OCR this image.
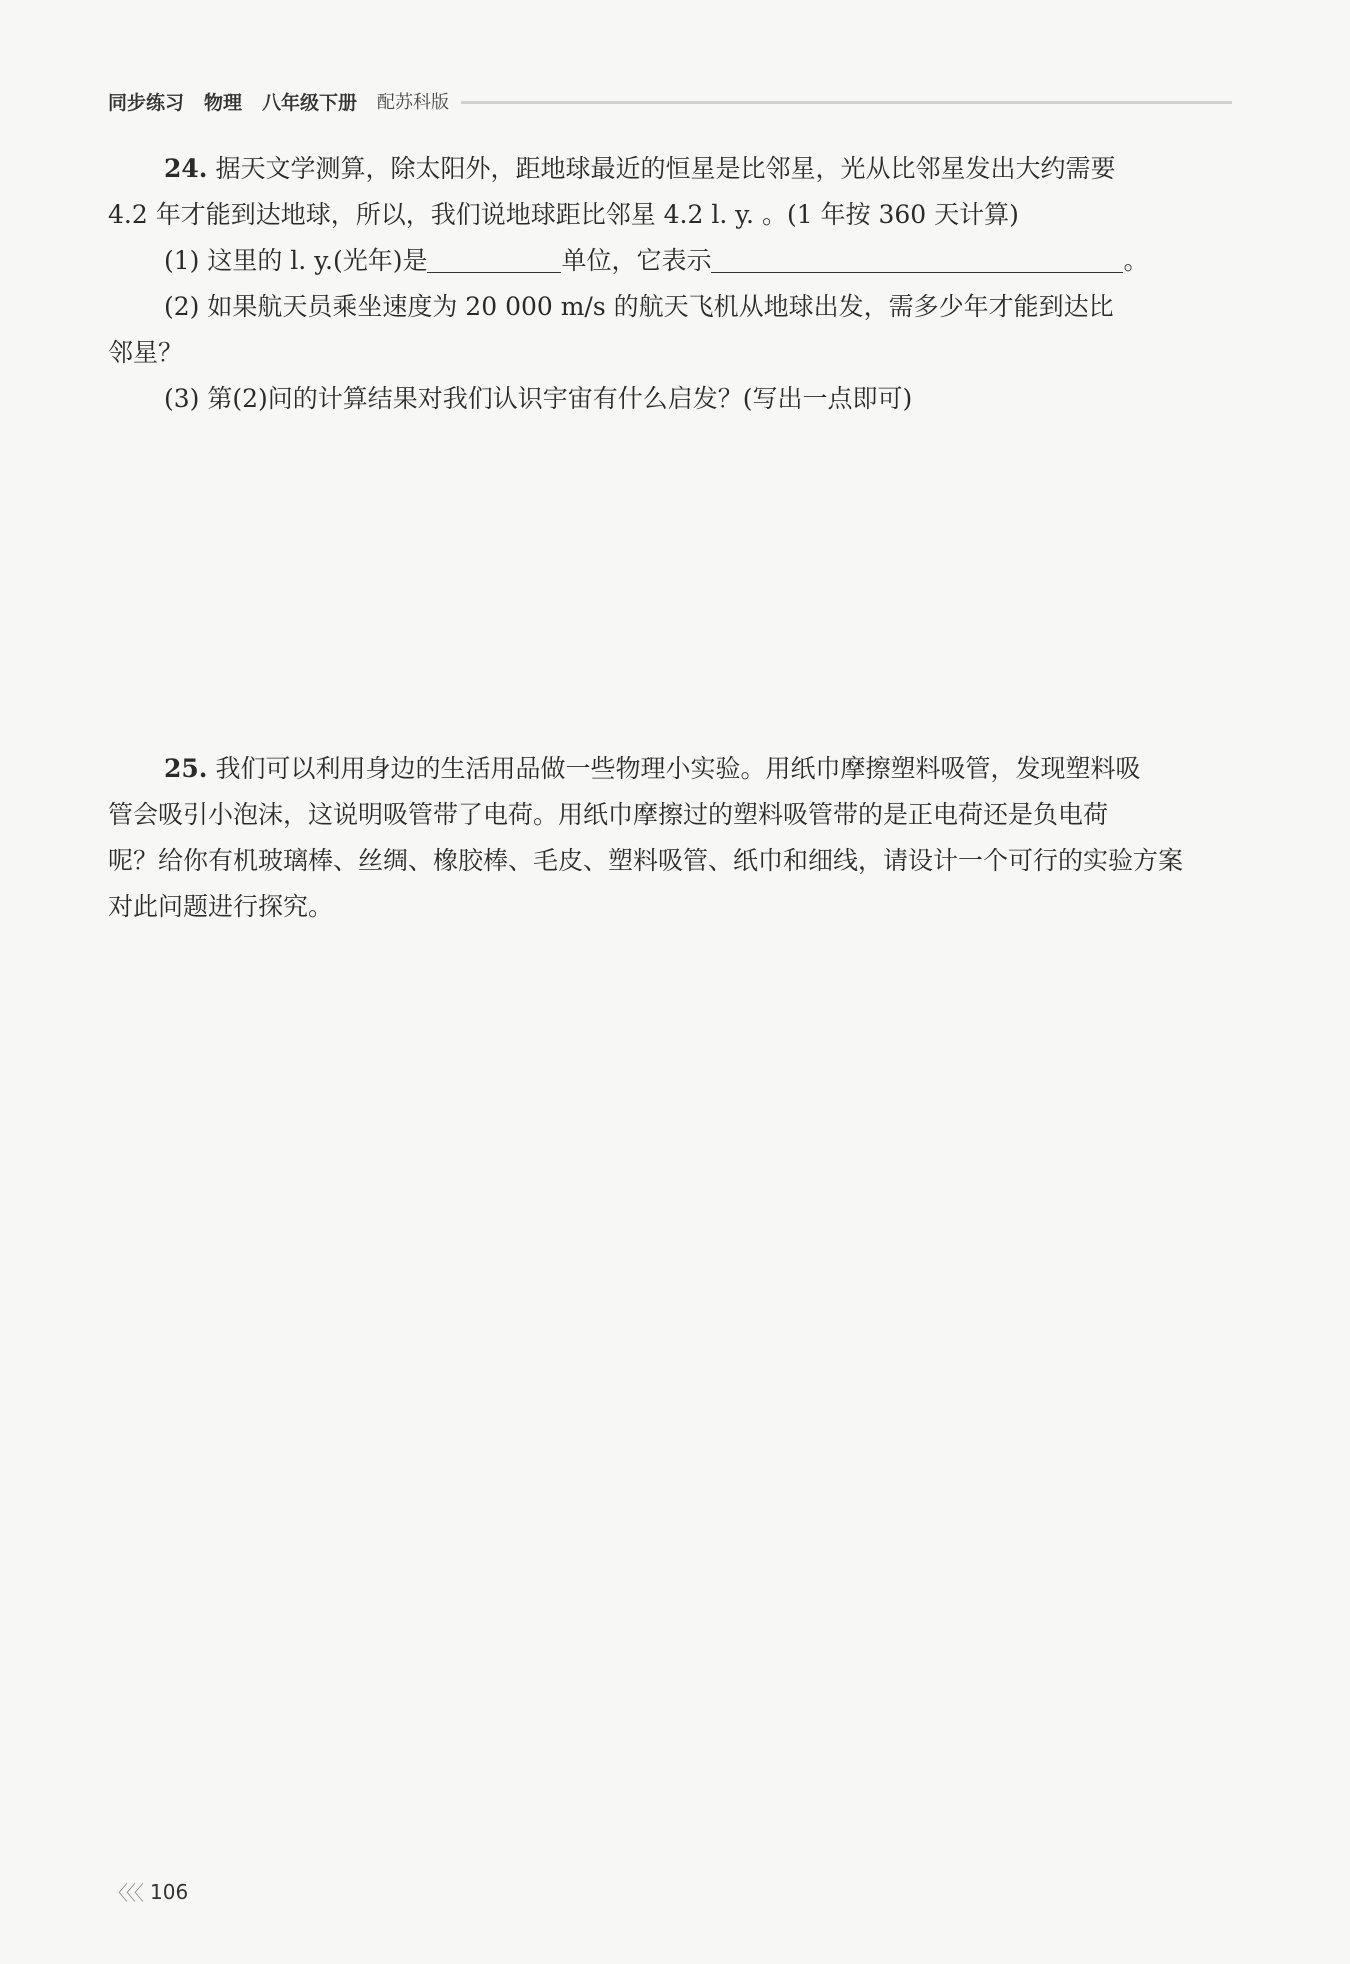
同步练习 物理 八年级下册 配苏科版

24. 据天文学测算，除太阳外，距地球最近的恒星是比邻星，光从比邻星发出大约需要

4.2 年才能到达地球，所以，我们说地球距比邻星 4.2 l. y. 。(1 年按 360 天计算)

(1) 这里的 l. y.(光年)是	单位，它表示	。

(2) 如果航天员乘坐速度为 20 000 m/s 的航天飞机从地球出发，需多少年才能到达比

邻星？

(3) 第(2)问的计算结果对我们认识宇宙有什么启发？(写出一点即可)

25. 我们可以利用身边的生活用品做一些物理小实验。用纸巾摩擦塑料吸管，发现塑料吸

管会吸引小泡沫，这说明吸管带了电荷。用纸巾摩擦过的塑料吸管带的是正电荷还是负电荷

呢？给你有机玻璃棒、丝绸、橡胶棒、毛皮、塑料吸管、纸巾和细线，请设计一个可行的实验方案

对此问题进行探究。

〈〈〈 106
